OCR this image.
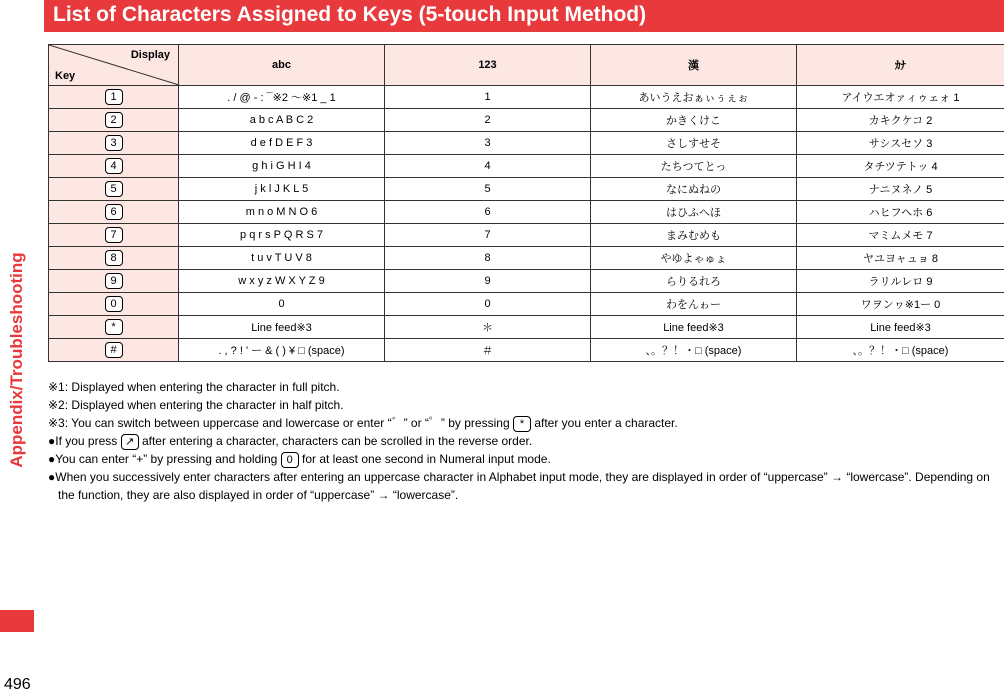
Appendix/Troubleshooting
List of Characters Assigned to Keys (5-touch Input Method)
Display
Key	abc	123	漢	ｶﾅ
1	. / @ - : ¯※2 ～※1 _ 1	1	あいうえおぁぃぅぇぉ	アイウエオァィゥェォ 1
2	a b c A B C 2	2	かきくけこ	カキクケコ 2
3	d e f D E F 3	3	さしすせそ	サシスセソ 3
4	g h i G H I 4	4	たちつてとっ	タチツテトッ 4
5	j k l J K L 5	5	なにぬねの	ナニヌネノ 5
6	m n o M N O 6	6	はひふへほ	ハヒフヘホ 6
7	p q r s P Q R S 7	7	まみむめも	マミムメモ 7
8	t u v T U V 8	8	やゆよゃゅょ	ヤユヨャュョ 8
9	w x y z W X Y Z 9	9	らりるれろ	ラリルレロ 9
0	0	0	わをんゎー	ワヲンヮ※1ー 0
*	Line feed※3	＊	Line feed※3	Line feed※3
#	. , ? ! ' ー & ( ) ¥ □ (space)	＃	、。？！・□ (space)	、。？！・□ (space)
※1: Displayed when entering the character in full pitch.
※2: Displayed when entering the character in half pitch.
※3: You can switch between uppercase and lowercase or enter “゛” or “゜” by pressing * after you enter a character.
●If you press ↗ after entering a character, characters can be scrolled in the reverse order.
●You can enter “+” by pressing and holding 0 for at least one second in Numeral input mode.
●When you successively enter characters after entering an uppercase character in Alphabet input mode, they are displayed in order of “uppercase” → “lowercase”. Depending on the function, they are also displayed in order of “uppercase” → “lowercase”.
496
